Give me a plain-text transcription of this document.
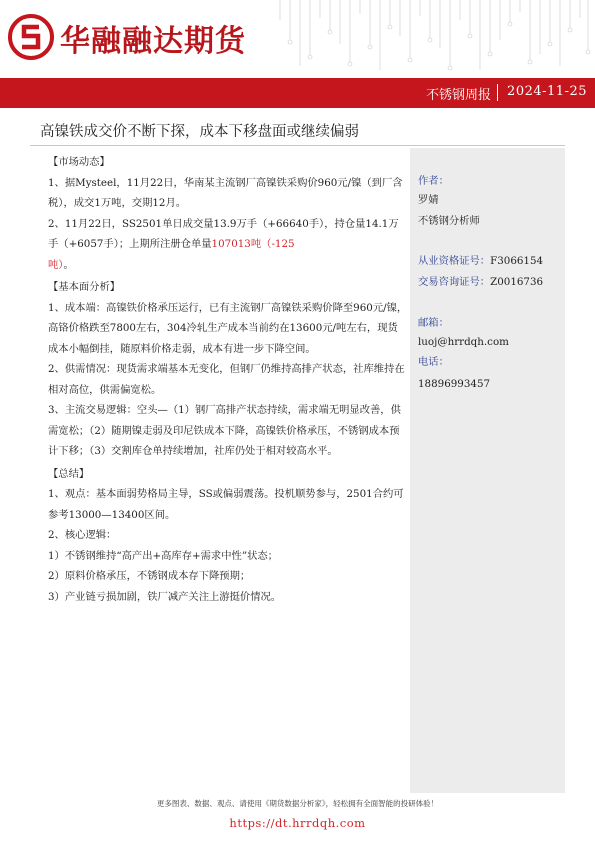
华融融达期货
不锈钢周报 2024-11-25
高镍铁成交价不断下探，成本下移盘面或继续偏弱
【市场动态】
1、据Mysteel，11月22日，华南某主流钢厂高镍铁采购价960元/镍（到厂含税），成交1万吨，交期12月。
2、11月22日，SS2501单日成交量13.9万手（+66640手），持仓量14.1万手（+6057手）；上期所注册仓单量107013吨（-125
吨）。
【基本面分析】
1、成本端：高镍铁价格承压运行，已有主流钢厂高镍铁采购价降至960元/镍，高铬价格跌至7800左右，304冷轧生产成本当前约在13600元/吨左右，现货成本小幅倒挂，随原料价格走弱，成本有进一步下降空间。
2、供需情况：现货需求端基本无变化，但钢厂仍维持高排产状态，社库维持在相对高位，供需偏宽松。
3、主流交易逻辑：空头—（1）钢厂高排产状态持续，需求端无明显改善，供需宽松；（2）随期镍走弱及印尼铁成本下降，高镍铁价格承压，不锈钢成本预计下移；（3）交割库仓单持续增加，社库仍处于相对较高水平。
【总结】
1、观点：基本面弱势格局主导，SS或偏弱震荡。投机顺势参与，2501合约可参考13000—13400区间。
2、核心逻辑：
1）不锈钢维持“高产出+高库存+需求中性”状态；
2）原料价格承压，不锈钢成本存下降预期；
3）产业链亏损加剧，铁厂减产关注上游挺价情况。
作者：
罗婧
不锈钢分析师
从业资格证号：F3066154
交易咨询证号：Z0016736
邮箱：
luoj@hrrdqh.com
电话：
18896993457
更多图表、数据、观点、请使用《期货数据分析家》，轻松拥有全面智能的投研体验！
https://dt.hrrdqh.com
